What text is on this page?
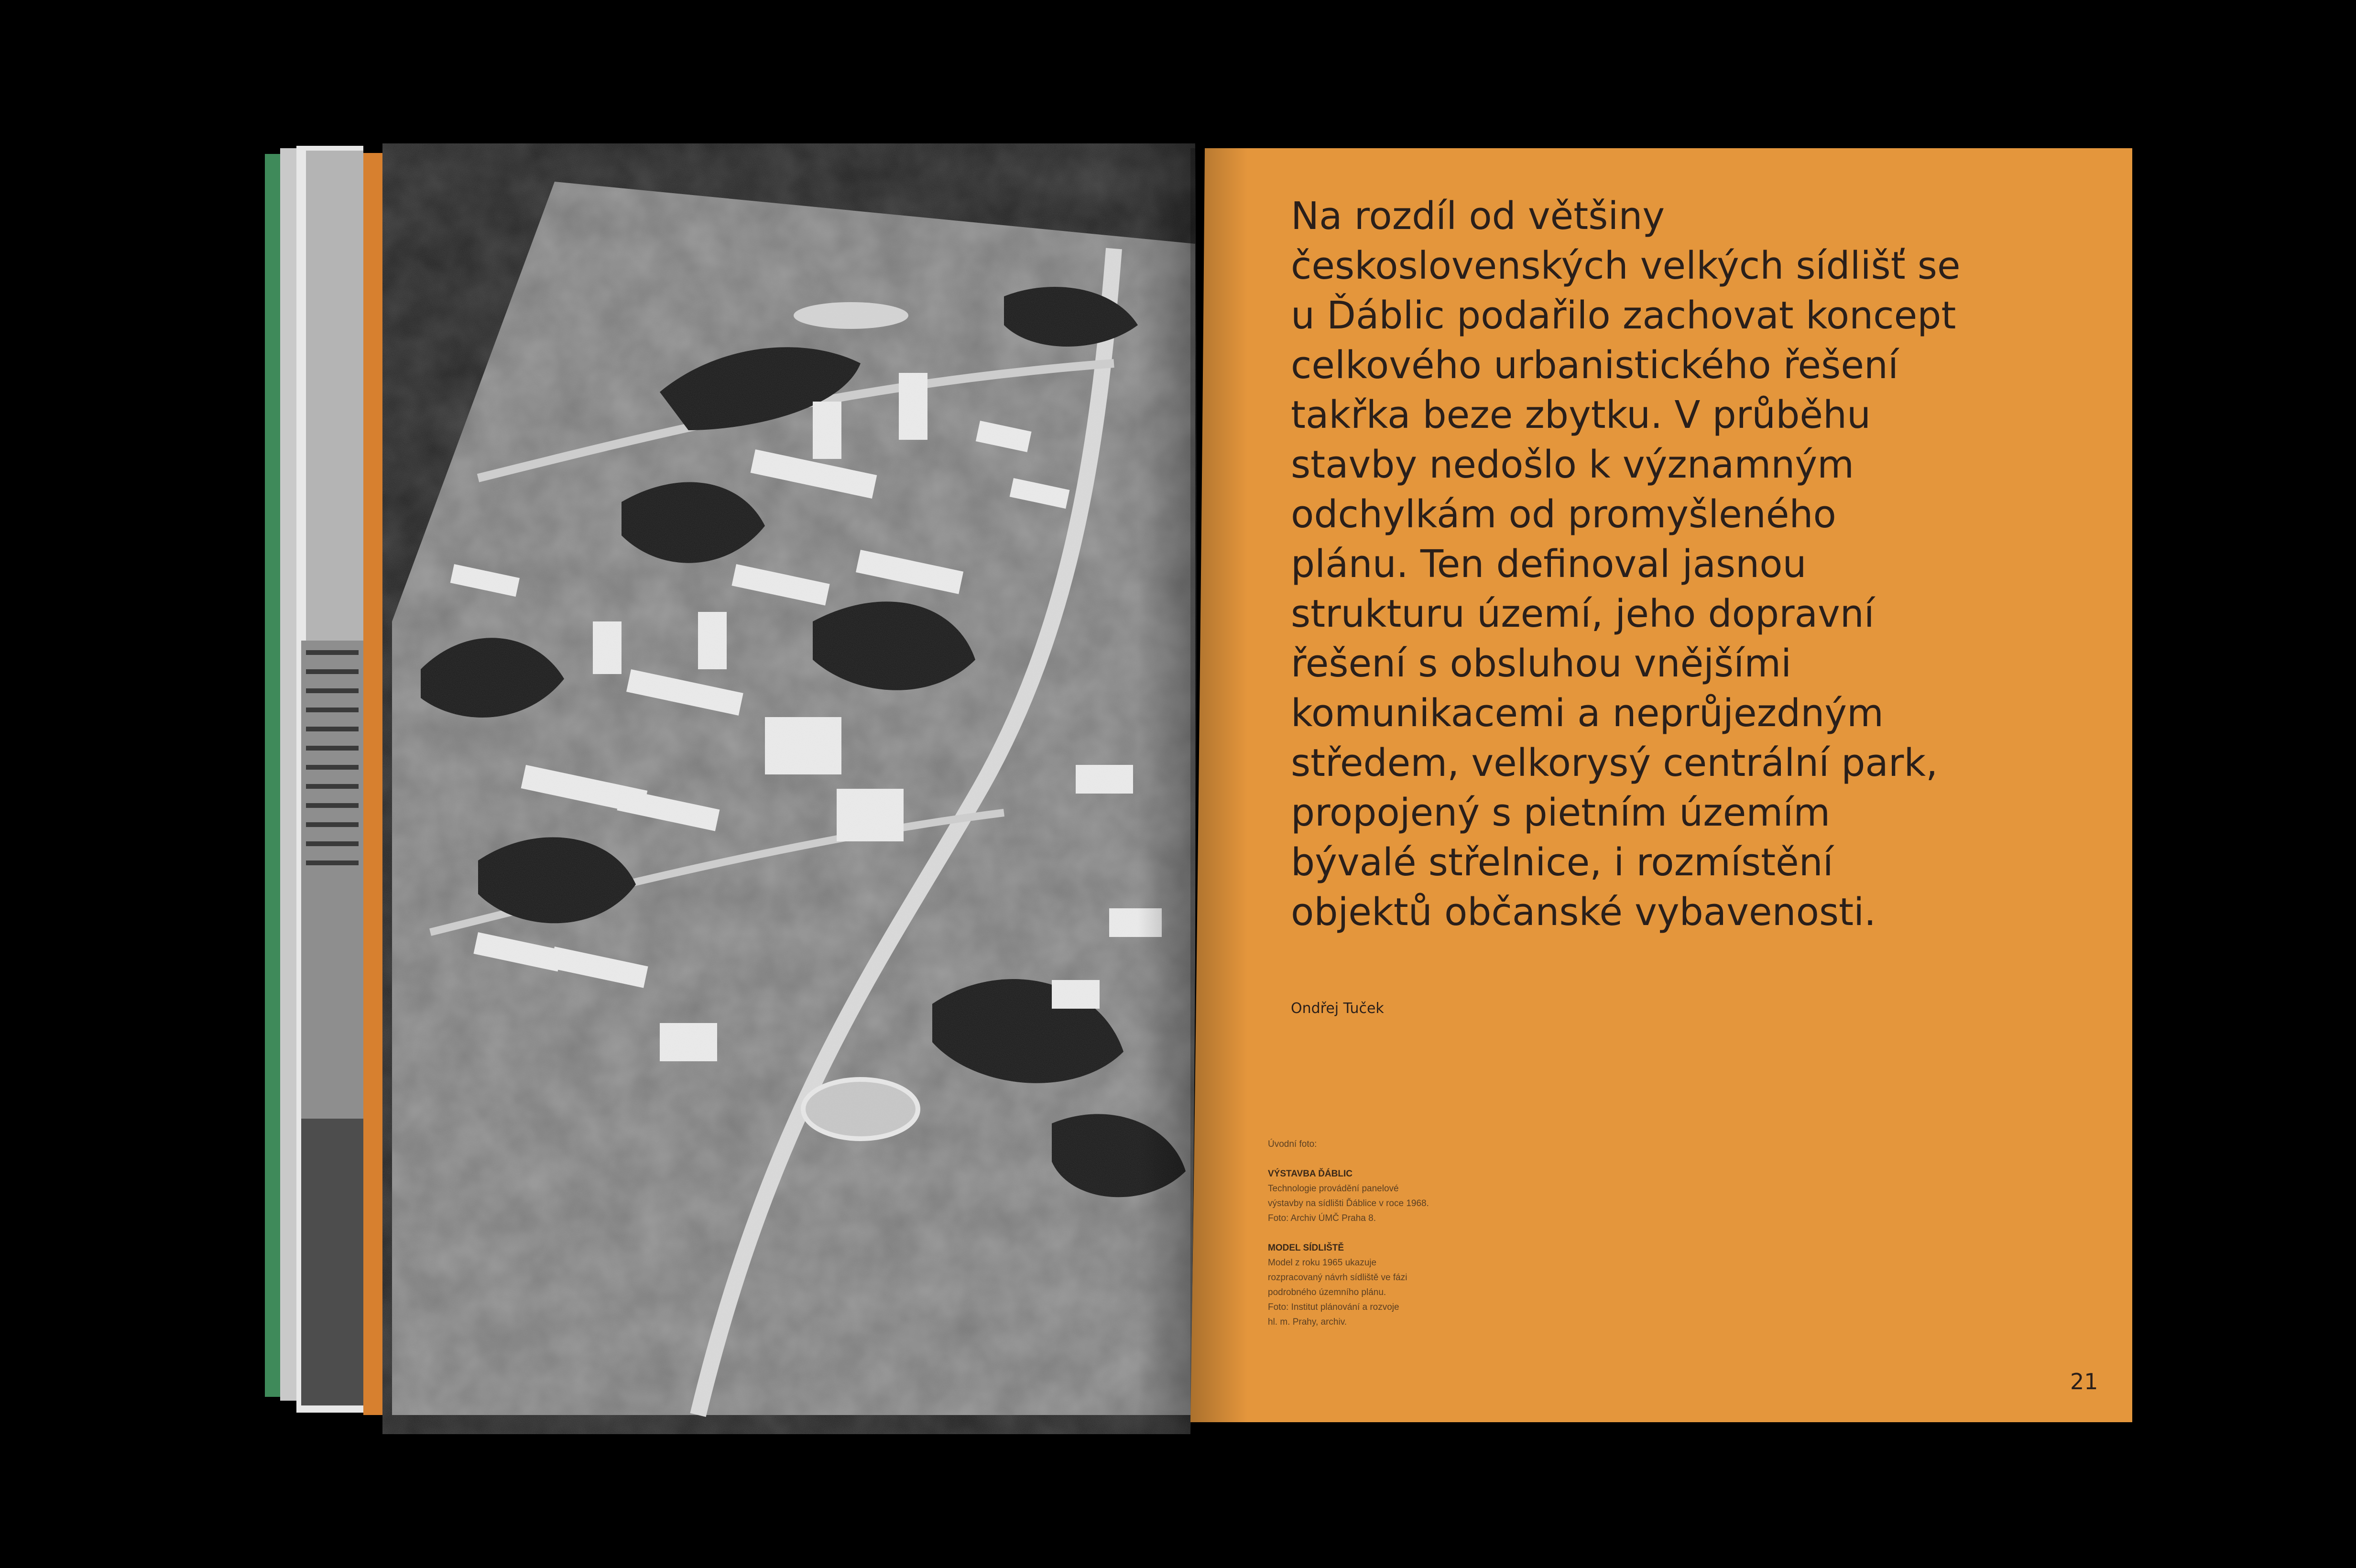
Na rozdíl od většiny
československých velkých sídlišť se
u Ďáblic podařilo zachovat koncept
celkového urbanistického řešení
takřka beze zbytku. V průběhu
stavby nedošlo k významným
odchylkám od promyšleného
plánu. Ten definoval jasnou
strukturu území, jeho dopravní
řešení s obsluhou vnějšími
komunikacemi a neprůjezdným
středem, velkorysý centrální park,
propojený s pietním územím
bývalé střelnice, i rozmístění
objektů občanské vybavenosti.
Ondřej Tuček
Úvodní foto:
VÝSTAVBA ĎÁBLIC
Technologie provádění panelové
výstavby na sídlišti Ďáblice v roce 1968.
Foto: Archiv ÚMČ Praha 8.
MODEL SÍDLIŠTĚ
Model z roku 1965 ukazuje
rozpracovaný návrh sídliště ve fázi
podrobného územního plánu.
Foto: Institut plánování a rozvoje
hl. m. Prahy, archiv.
21
